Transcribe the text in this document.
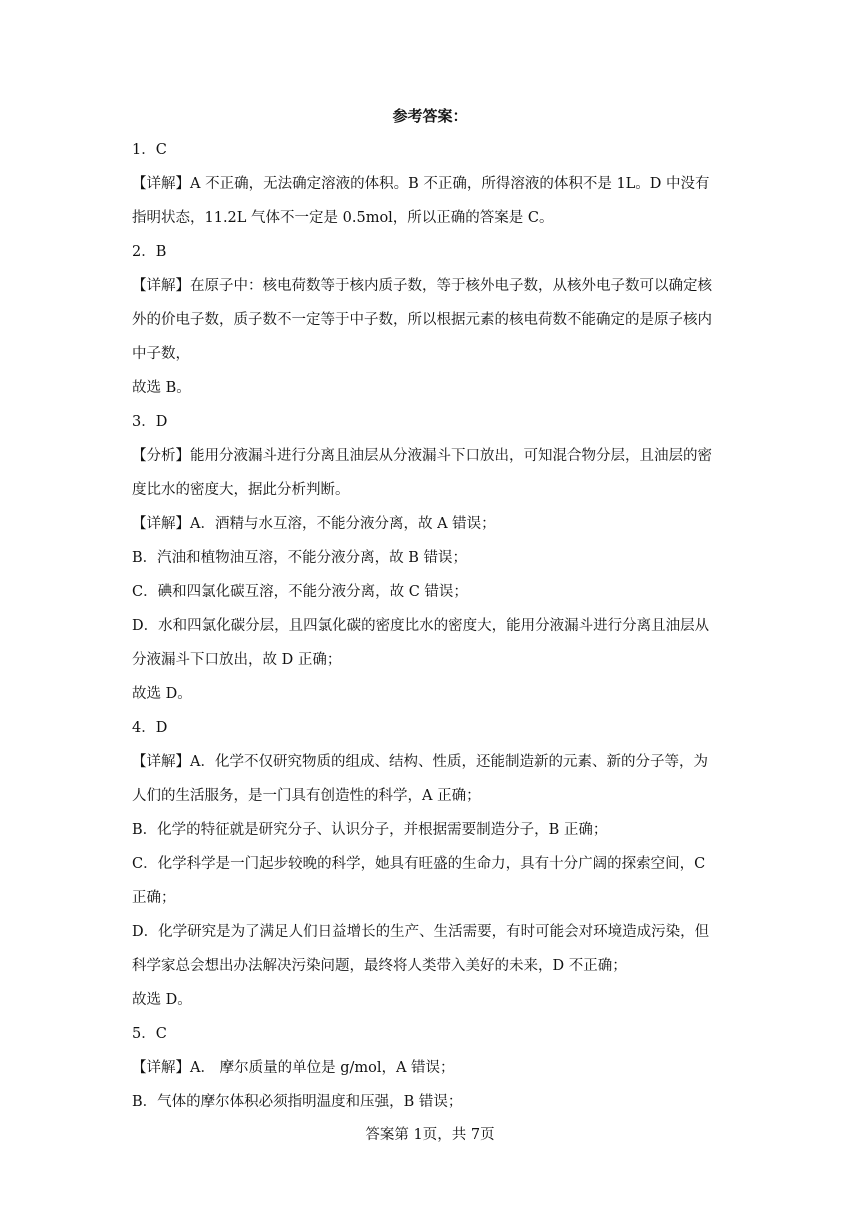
参考答案：
1．C
【详解】A 不正确，无法确定溶液的体积。B 不正确，所得溶液的体积不是 1L。D 中没有
指明状态，11.2L 气体不一定是 0.5mol，所以正确的答案是 C。
2．B
【详解】在原子中：核电荷数等于核内质子数，等于核外电子数，从核外电子数可以确定核
外的价电子数，质子数不一定等于中子数，所以根据元素的核电荷数不能确定的是原子核内
中子数，
故选 B。
3．D
【分析】能用分液漏斗进行分离且油层从分液漏斗下口放出，可知混合物分层，且油层的密
度比水的密度大，据此分析判断。
【详解】A．酒精与水互溶，不能分液分离，故 A 错误；
B．汽油和植物油互溶，不能分液分离，故 B 错误；
C．碘和四氯化碳互溶，不能分液分离，故 C 错误；
D．水和四氯化碳分层，且四氯化碳的密度比水的密度大，能用分液漏斗进行分离且油层从
分液漏斗下口放出，故 D 正确；
故选 D。
4．D
【详解】A．化学不仅研究物质的组成、结构、性质，还能制造新的元素、新的分子等，为
人们的生活服务，是一门具有创造性的科学，A 正确；
B．化学的特征就是研究分子、认识分子，并根据需要制造分子，B 正确；
C．化学科学是一门起步较晚的科学，她具有旺盛的生命力，具有十分广阔的探索空间，C
正确；
D．化学研究是为了满足人们日益增长的生产、生活需要，有时可能会对环境造成污染，但
科学家总会想出办法解决污染问题，最终将人类带入美好的未来，D 不正确；
故选 D。
5．C
【详解】A． 摩尔质量的单位是 g/mol，A 错误；
B．气体的摩尔体积必须指明温度和压强，B 错误；
答案第 1页，共 7页
